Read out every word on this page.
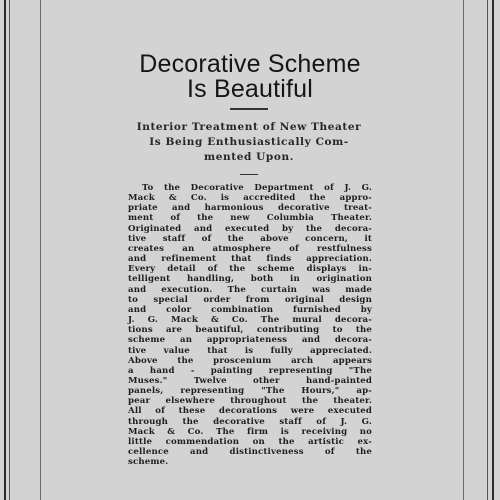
Decorative Scheme
Is Beautiful
Interior Treatment of New Theater
Is Being Enthusiastically Com-
mented Upon.
To the Decorative Department of J. G.
Mack & Co. is accredited the appro-
priate and harmonious decorative treat-
ment of the new Columbia Theater.
Originated and executed by the decora-
tive staff of the above concern, it
creates an atmosphere of restfulness
and refinement that finds appreciation.
Every detail of the scheme displays in-
telligent handling, both in origination
and execution. The curtain was made
to special order from original design
and color combination furnished by
J. G. Mack & Co. The mural decora-
tions are beautiful, contributing to the
scheme an appropriateness and decora-
tive value that is fully appreciated.
Above the proscenium arch appears
a hand - painting representing "The
Muses." Twelve other hand-painted
panels, representing "The Hours," ap-
pear elsewhere throughout the theater.
All of these decorations were executed
through the decorative staff of J. G.
Mack & Co. The firm is receiving no
little commendation on the artistic ex-
cellence and distinctiveness of the
scheme.
